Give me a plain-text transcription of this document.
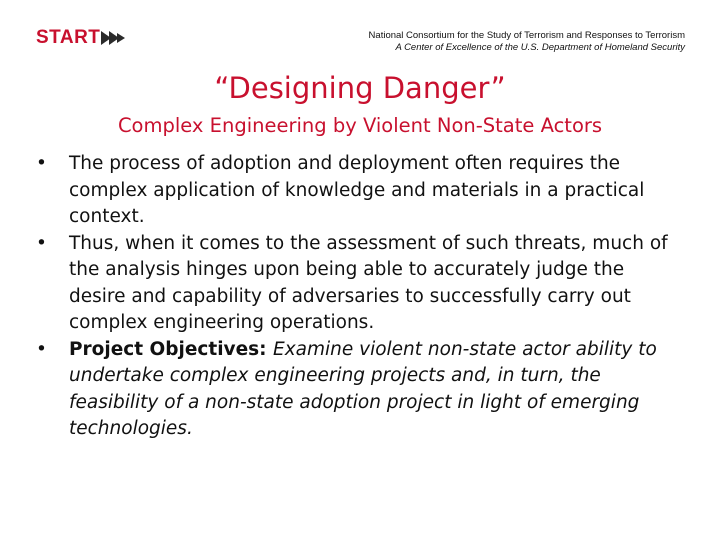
START	National Consortium for the Study of Terrorism and Responses to Terrorism
A Center of Excellence of the U.S. Department of Homeland Security
“Designing Danger”
Complex Engineering by Violent Non-State Actors
•	The process of adoption and deployment often requires the complex application of knowledge and materials in a practical context.
•	Thus, when it comes to the assessment of such threats, much of the analysis hinges upon being able to accurately judge the desire and capability of adversaries to successfully carry out complex engineering operations.
•	Project Objectives: Examine violent non-state actor ability to undertake complex engineering projects and, in turn, the feasibility of a non-state adoption project in light of emerging technologies.
